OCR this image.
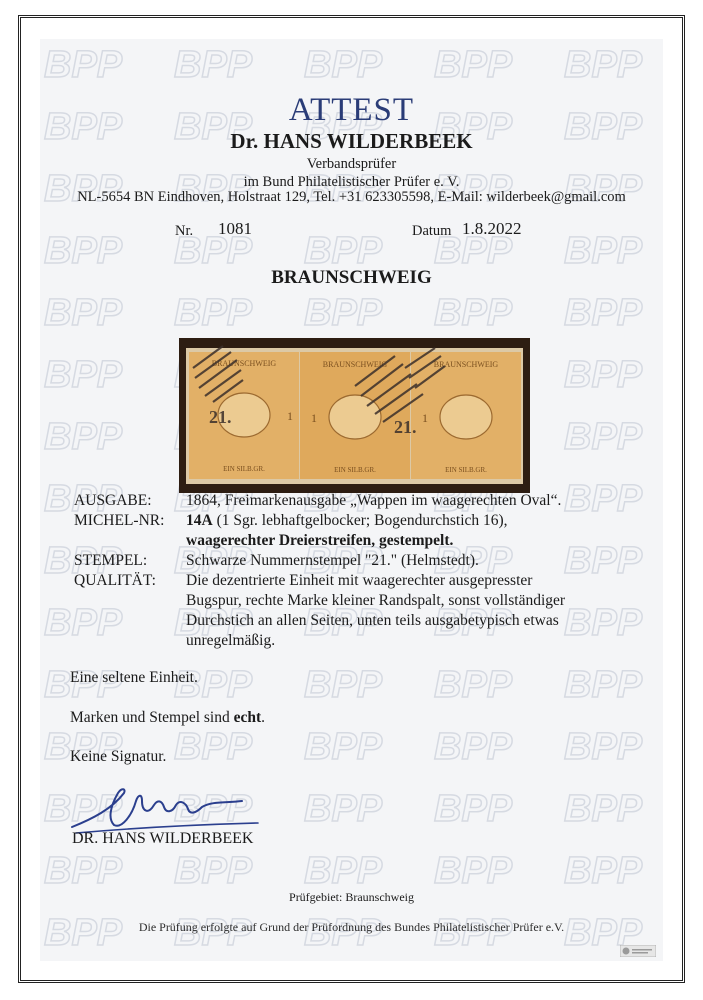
ATTEST
Dr. HANS WILDERBEEK
Verbandsprüfer
im Bund Philatelistischer Prüfer e. V.
NL-5654 BN Eindhoven, Holstraat 129, Tel. +31 623305598, E-Mail: wilderbeek@gmail.com
Nr. 1081	Datum 1.8.2022
BRAUNSCHWEIG
BRAUNSCHWEIG
1
EIN SILB.GR.
BRAUNSCHWEIG
1
EIN SILB.GR.
BRAUNSCHWEIG
1
EIN SILB.GR.
21.	21.
AUSGABE: 1864, Freimarkenausgabe „Wappen im waagerechten Oval“.
MICHEL-NR: 14A (1 Sgr. lebhaftgelbocker; Bogendurchstich 16),
waagerechter Dreierstreifen, gestempelt.
STEMPEL:	Schwarze Nummernstempel "21." (Helmstedt).
QUALITÄT: Die dezentrierte Einheit mit waagerechter ausgepresster
Bugspur, rechte Marke kleiner Randspalt, sonst vollständiger
Durchstich an allen Seiten, unten teils ausgabetypisch etwas
unregelmäßig.
Eine seltene Einheit.
Marken und Stempel sind echt.
Keine Signatur.
DR. HANS WILDERBEEK
Prüfgebiet: Braunschweig
Die Prüfung erfolgte auf Grund der Prüfordnung des Bundes Philatelistischer Prüfer e.V.
